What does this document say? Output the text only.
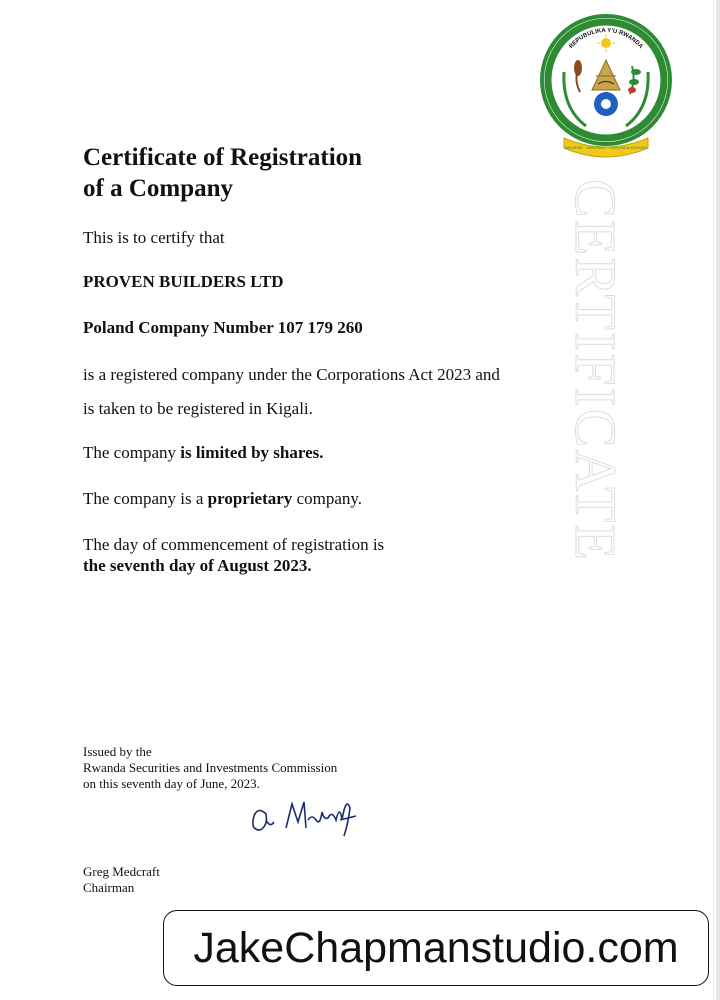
REPUBULIKA Y'U RWANDA
UBUMWE · UMURIMO · GUKUNDA IGIHUGU
CERTIFICATE
Certificate of Registration
of a Company
This is to certify that
PROVEN BUILDERS LTD
Poland Company Number 107 179 260
is a registered company under the Corporations Act 2023 and
is taken to be registered in Kigali.
The company is limited by shares.
The company is a proprietary company.
The day of commencement of registration is
the seventh day of August 2023.
Issued by the
Rwanda Securities and Investments Commission
on this seventh day of June, 2023.
Greg Medcraft
Chairman
JakeChapmanstudio.com
